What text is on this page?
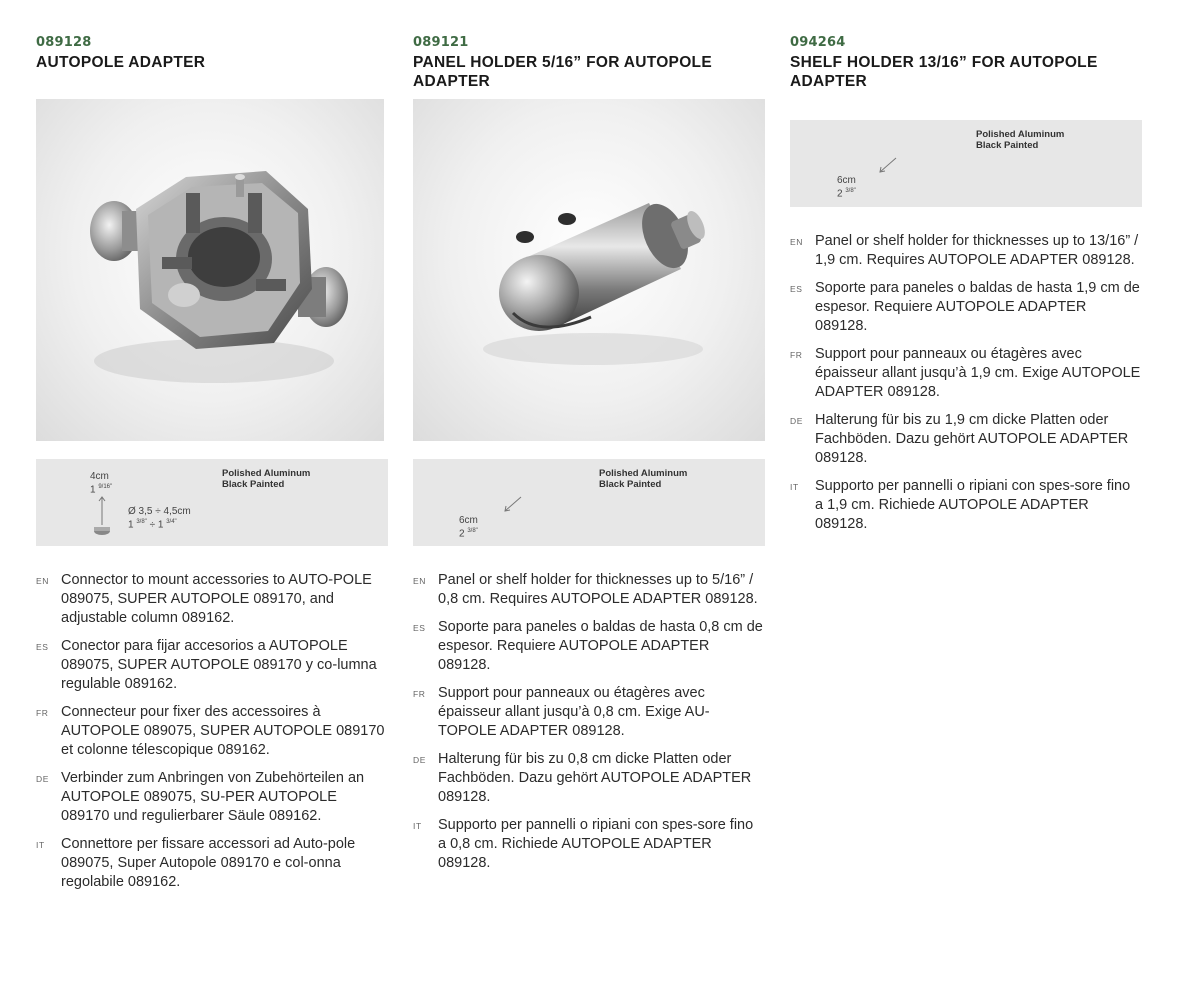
089128
AUTOPOLE ADAPTER
Polished Aluminum
Black Painted
4cm
1 $^{9/16"}$
Ø 3,5 ÷ 4,5cm
1 $^{3/8"}$ ÷ 1 $^{3/4"}$
EN Connector to mount accessories to AUTO-POLE 089075, SUPER AUTOPOLE 089170, and adjustable column 089162.
ES Conector para fijar accesorios a AUTOPOLE 089075, SUPER AUTOPOLE 089170 y co-lumna regulable 089162.
FR Connecteur pour fixer des accessoires à AUTOPOLE 089075, SUPER AUTOPOLE 089170 et colonne télescopique 089162.
DE Verbinder zum Anbringen von Zubehörteilen an AUTOPOLE 089075, SU-PER AUTOPOLE 089170 und regulierbarer Säule 089162.
IT Connettore per fissare accessori ad Auto-pole 089075, Super Autopole 089170 e col-onna regolabile 089162.
089121
PANEL HOLDER 5/16” FOR AUTOPOLE ADAPTER
Polished Aluminum
Black Painted
6cm
2 $^{3/8"}$
EN Panel or shelf holder for thicknesses up to 5/16” / 0,8 cm. Requires AUTOPOLE ADAPTER 089128.
ES Soporte para paneles o baldas de hasta 0,8 cm de espesor. Requiere AUTOPOLE ADAPTER 089128.
FR Support pour panneaux ou étagères avec épaisseur allant jusqu’à 0,8 cm. Exige AU-TOPOLE ADAPTER 089128.
DE Halterung für bis zu 0,8 cm dicke Platten oder Fachböden. Dazu gehört AUTOPOLE ADAPTER 089128.
IT Supporto per pannelli o ripiani con spes-sore fino a 0,8 cm. Richiede AUTOPOLE ADAPTER 089128.
094264
SHELF HOLDER 13/16” FOR AUTOPOLE ADAPTER
Polished Aluminum
Black Painted
6cm
2 $^{3/8"}$
EN Panel or shelf holder for thicknesses up to 13/16” / 1,9 cm. Requires AUTOPOLE ADAPTER 089128.
ES Soporte para paneles o baldas de hasta 1,9 cm de espesor. Requiere AUTOPOLE ADAPTER 089128.
FR Support pour panneaux ou étagères avec épaisseur allant jusqu’à 1,9 cm. Exige AUTOPOLE ADAPTER 089128.
DE Halterung für bis zu 1,9 cm dicke Platten oder Fachböden. Dazu gehört AUTOPOLE ADAPTER 089128.
IT Supporto per pannelli o ripiani con spes-sore fino a 1,9 cm. Richiede AUTOPOLE ADAPTER 089128.
